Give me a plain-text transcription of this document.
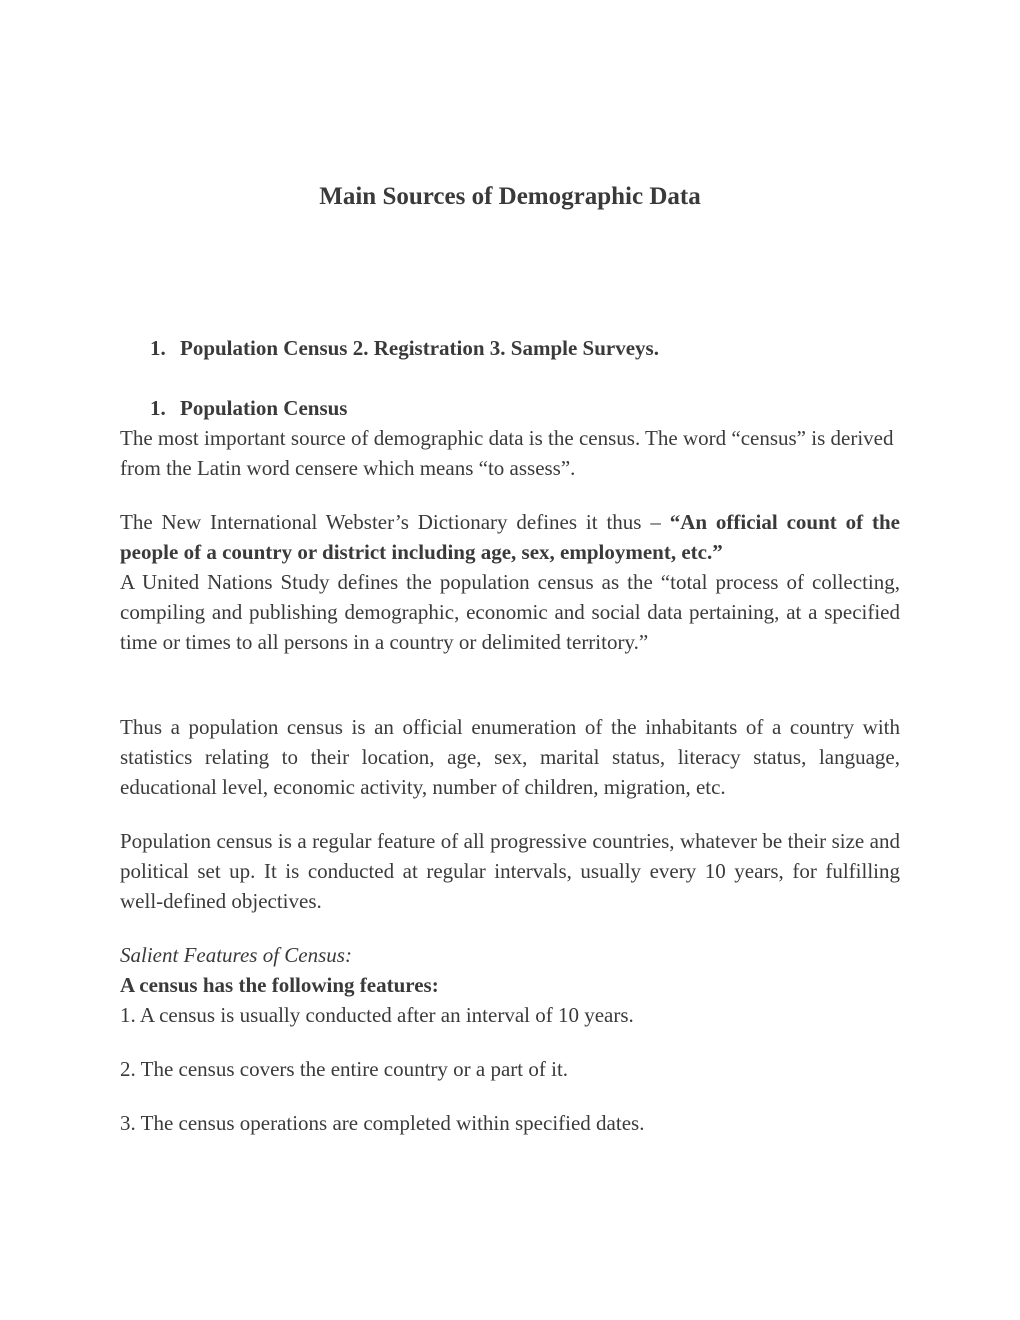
Main Sources of Demographic Data
1. Population Census 2. Registration 3. Sample Surveys.
1. Population Census
The most important source of demographic data is the census. The word “census” is derived from the Latin word censere which means “to assess”.
The New International Webster’s Dictionary defines it thus – “An official count of the people of a country or district including age, sex, employment, etc.”
A United Nations Study defines the population census as the “total process of collecting, compiling and publishing demographic, economic and social data pertaining, at a specified time or times to all persons in a country or delimited territory.”
Thus a population census is an official enumeration of the inhabitants of a country with statistics relating to their location, age, sex, marital status, literacy status, language, educational level, economic activity, number of children, migration, etc.
Population census is a regular feature of all progressive countries, whatever be their size and political set up. It is conducted at regular intervals, usually every 10 years, for fulfilling well-defined objectives.
Salient Features of Census:
A census has the following features:
1. A census is usually conducted after an interval of 10 years.
2. The census covers the entire country or a part of it.
3. The census operations are completed within specified dates.
